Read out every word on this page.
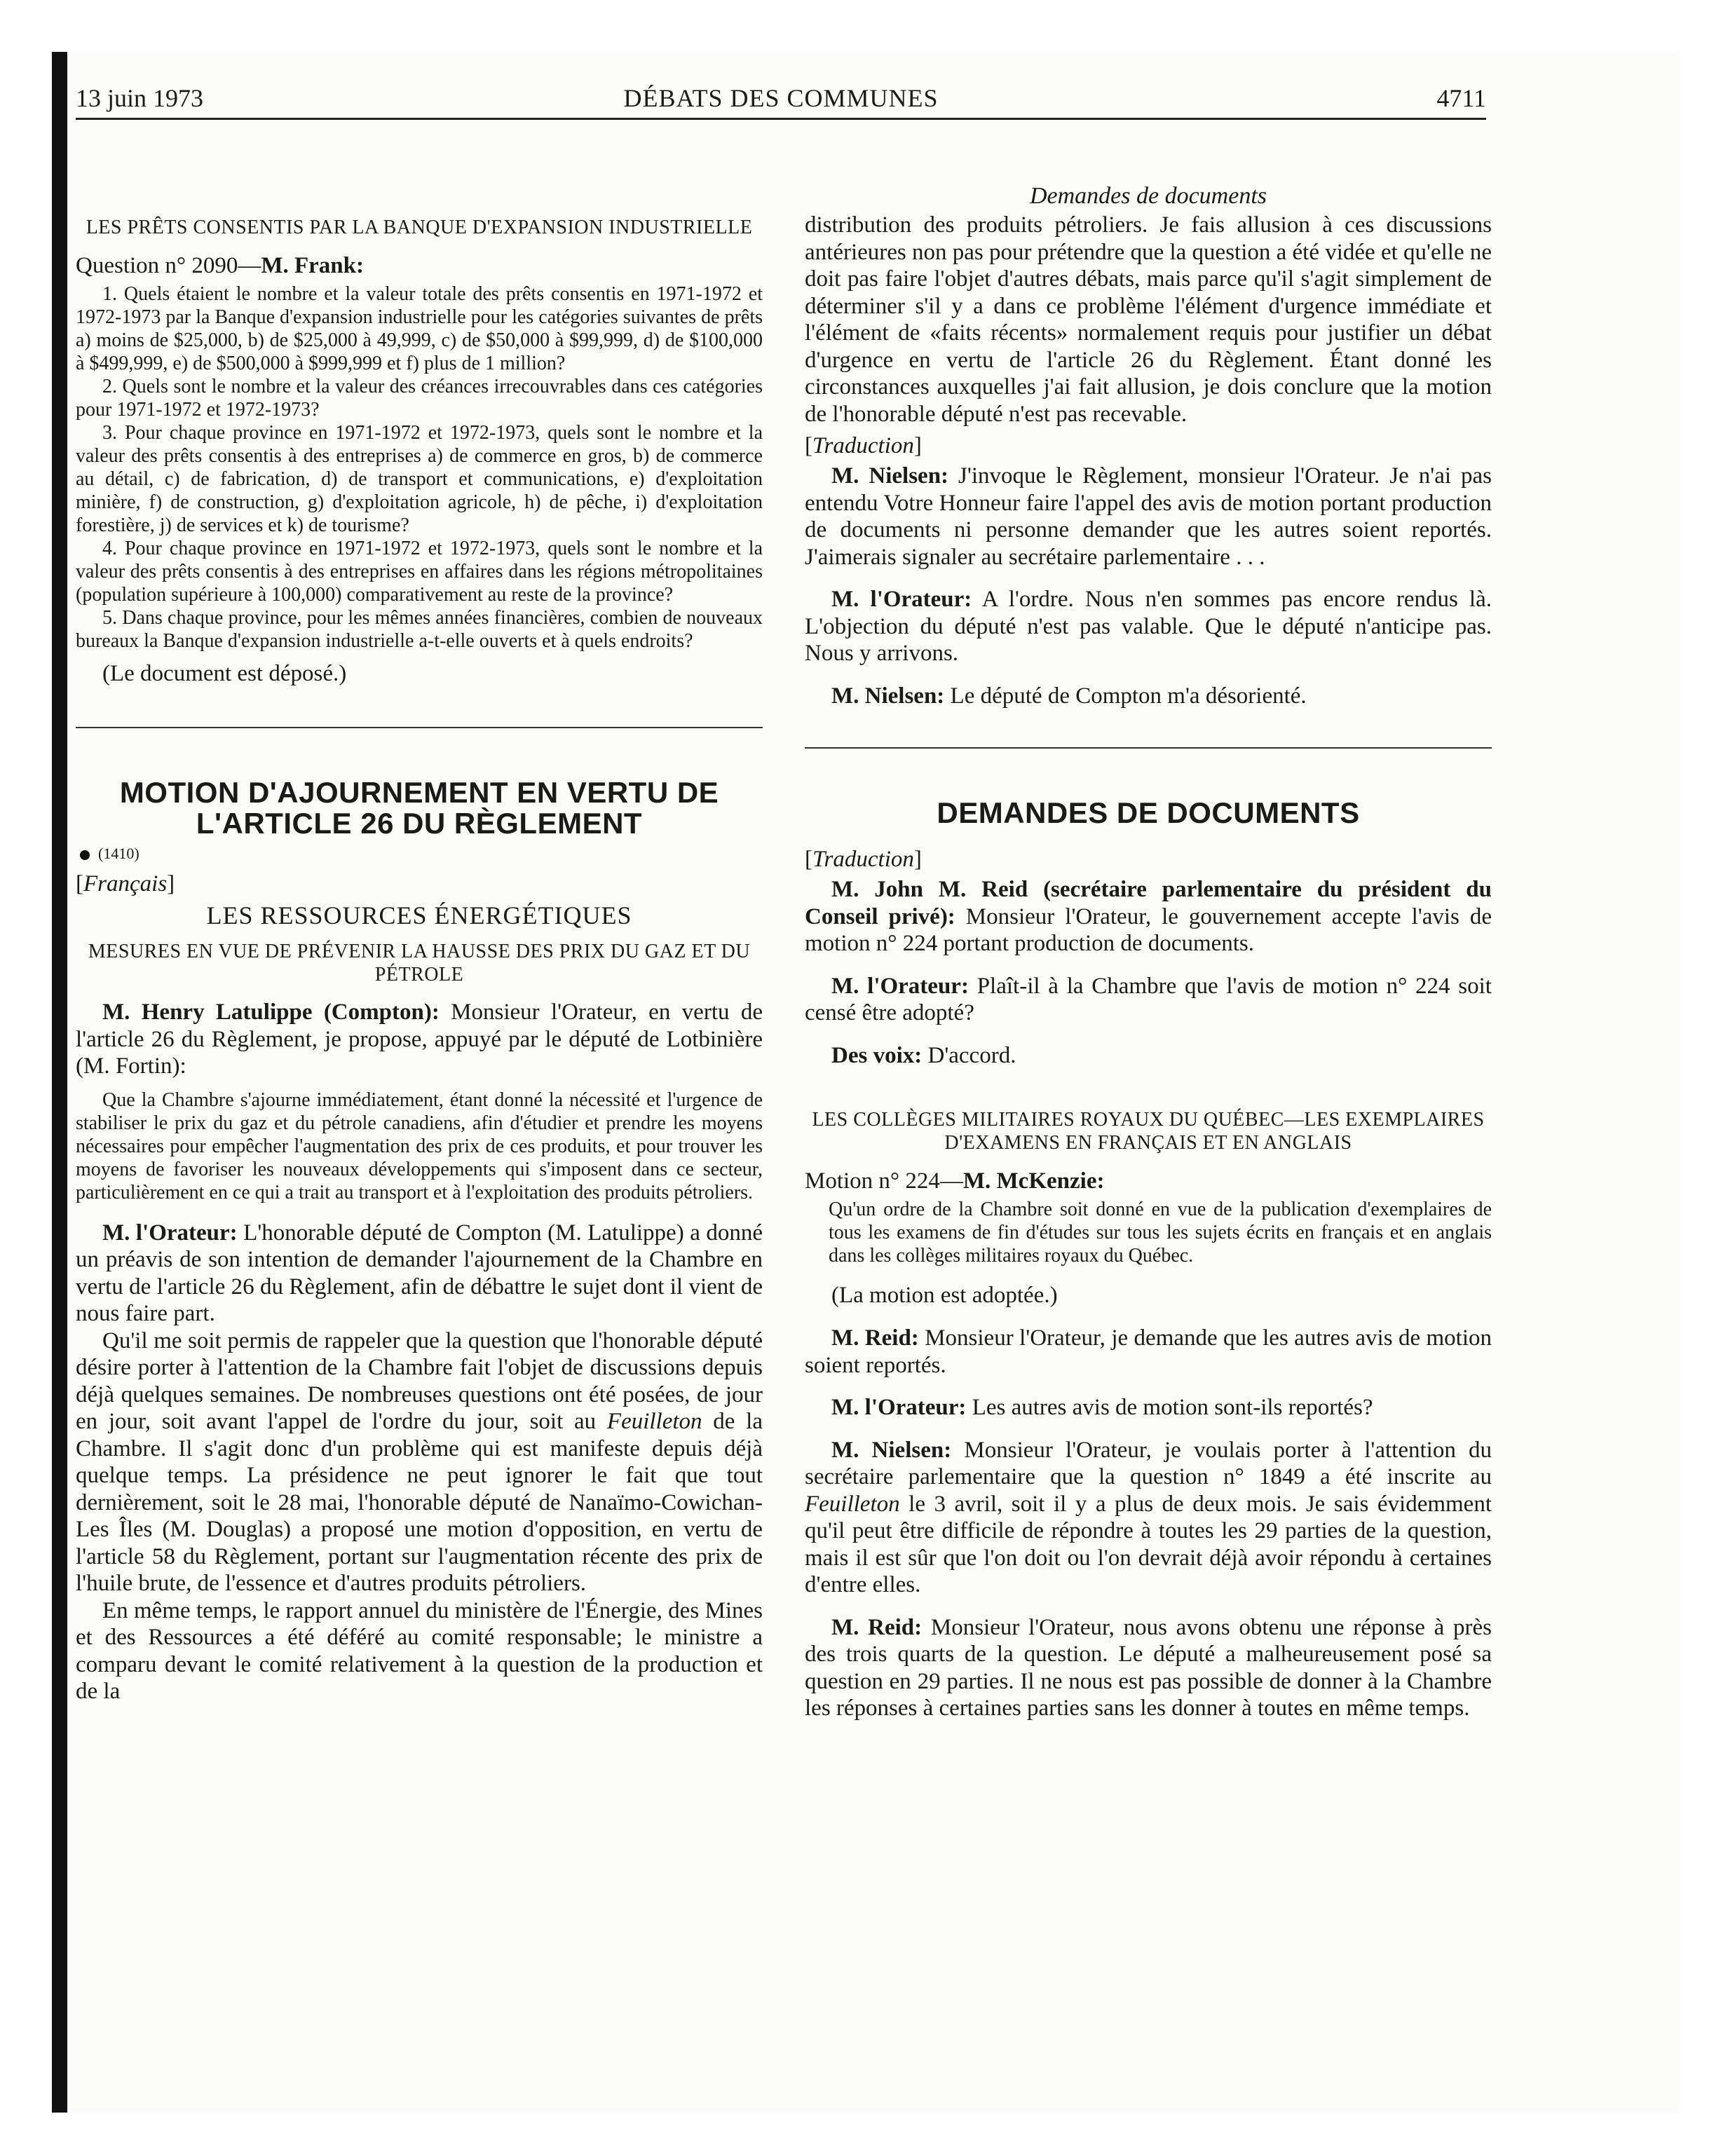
13 juin 1973	DÉBATS DES COMMUNES	4711
LES PRÊTS CONSENTIS PAR LA BANQUE D'EXPANSION INDUSTRIELLE
Question n° 2090—M. Frank:

1. Quels étaient le nombre et la valeur totale des prêts consentis en 1971-1972 et 1972-1973 par la Banque d'expansion industrielle pour les catégories suivantes de prêts a) moins de $25,000, b) de $25,000 à 49,999, c) de $50,000 à $99,999, d) de $100,000 à $499,999, e) de $500,000 à $999,999 et f) plus de 1 million?

2. Quels sont le nombre et la valeur des créances irrecouvrables dans ces catégories pour 1971-1972 et 1972-1973?

3. Pour chaque province en 1971-1972 et 1972-1973, quels sont le nombre et la valeur des prêts consentis à des entreprises a) de commerce en gros, b) de commerce au détail, c) de fabrication, d) de transport et communications, e) d'exploitation minière, f) de construction, g) d'exploitation agricole, h) de pêche, i) d'exploitation forestière, j) de services et k) de tourisme?

4. Pour chaque province en 1971-1972 et 1972-1973, quels sont le nombre et la valeur des prêts consentis à des entreprises en affaires dans les régions métropolitaines (population supérieure à 100,000) comparativement au reste de la province?

5. Dans chaque province, pour les mêmes années financières, combien de nouveaux bureaux la Banque d'expansion industrielle a-t-elle ouverts et à quels endroits?

(Le document est déposé.)

MOTION D'AJOURNEMENT EN VERTU DE
L'ARTICLE 26 DU RÈGLEMENT
(1410)
[Français]
LES RESSOURCES ÉNERGÉTIQUES
MESURES EN VUE DE PRÉVENIR LA HAUSSE DES PRIX DU GAZ ET DU PÉTROLE

M. Henry Latulippe (Compton): Monsieur l'Orateur, en vertu de l'article 26 du Règlement, je propose, appuyé par le député de Lotbinière (M. Fortin):

Que la Chambre s'ajourne immédiatement, étant donné la nécessité et l'urgence de stabiliser le prix du gaz et du pétrole canadiens, afin d'étudier et prendre les moyens nécessaires pour empêcher l'augmentation des prix de ces produits, et pour trouver les moyens de favoriser les nouveaux développements qui s'imposent dans ce secteur, particulièrement en ce qui a trait au transport et à l'exploitation des produits pétroliers.

M. l'Orateur: L'honorable député de Compton (M. Latulippe) a donné un préavis de son intention de demander l'ajournement de la Chambre en vertu de l'article 26 du Règlement, afin de débattre le sujet dont il vient de nous faire part.

Qu'il me soit permis de rappeler que la question que l'honorable député désire porter à l'attention de la Chambre fait l'objet de discussions depuis déjà quelques semaines. De nombreuses questions ont été posées, de jour en jour, soit avant l'appel de l'ordre du jour, soit au Feuilleton de la Chambre. Il s'agit donc d'un problème qui est manifeste depuis déjà quelque temps. La présidence ne peut ignorer le fait que tout dernièrement, soit le 28 mai, l'honorable député de Nanaïmo-Cowichan-Les Îles (M. Douglas) a proposé une motion d'opposition, en vertu de l'article 58 du Règlement, portant sur l'augmentation récente des prix de l'huile brute, de l'essence et d'autres produits pétroliers.

En même temps, le rapport annuel du ministère de l'Énergie, des Mines et des Ressources a été déféré au comité responsable; le ministre a comparu devant le comité relativement à la question de la production et de la

Demandes de documents

distribution des produits pétroliers. Je fais allusion à ces discussions antérieures non pas pour prétendre que la question a été vidée et qu'elle ne doit pas faire l'objet d'autres débats, mais parce qu'il s'agit simplement de déterminer s'il y a dans ce problème l'élément d'urgence immédiate et l'élément de «faits récents» normalement requis pour justifier un débat d'urgence en vertu de l'article 26 du Règlement. Étant donné les circonstances auxquelles j'ai fait allusion, je dois conclure que la motion de l'honorable député n'est pas recevable.

[Traduction]

M. Nielsen: J'invoque le Règlement, monsieur l'Orateur. Je n'ai pas entendu Votre Honneur faire l'appel des avis de motion portant production de documents ni personne demander que les autres soient reportés. J'aimerais signaler au secrétaire parlementaire . . .

M. l'Orateur: A l'ordre. Nous n'en sommes pas encore rendus là. L'objection du député n'est pas valable. Que le député n'anticipe pas. Nous y arrivons.

M. Nielsen: Le député de Compton m'a désorienté.

DEMANDES DE DOCUMENTS
[Traduction]

M. John M. Reid (secrétaire parlementaire du président du Conseil privé): Monsieur l'Orateur, le gouvernement accepte l'avis de motion n° 224 portant production de documents.

M. l'Orateur: Plaît-il à la Chambre que l'avis de motion n° 224 soit censé être adopté?

Des voix: D'accord.

LES COLLÈGES MILITAIRES ROYAUX DU QUÉBEC—LES EXEMPLAIRES D'EXAMENS EN FRANÇAIS ET EN ANGLAIS
Motion n° 224—M. McKenzie:

Qu'un ordre de la Chambre soit donné en vue de la publication d'exemplaires de tous les examens de fin d'études sur tous les sujets écrits en français et en anglais dans les collèges militaires royaux du Québec.

(La motion est adoptée.)

M. Reid: Monsieur l'Orateur, je demande que les autres avis de motion soient reportés.

M. l'Orateur: Les autres avis de motion sont-ils reportés?

M. Nielsen: Monsieur l'Orateur, je voulais porter à l'attention du secrétaire parlementaire que la question n° 1849 a été inscrite au Feuilleton le 3 avril, soit il y a plus de deux mois. Je sais évidemment qu'il peut être difficile de répondre à toutes les 29 parties de la question, mais il est sûr que l'on doit ou l'on devrait déjà avoir répondu à certaines d'entre elles.

M. Reid: Monsieur l'Orateur, nous avons obtenu une réponse à près des trois quarts de la question. Le député a malheureusement posé sa question en 29 parties. Il ne nous est pas possible de donner à la Chambre les réponses à certaines parties sans les donner à toutes en même temps.
